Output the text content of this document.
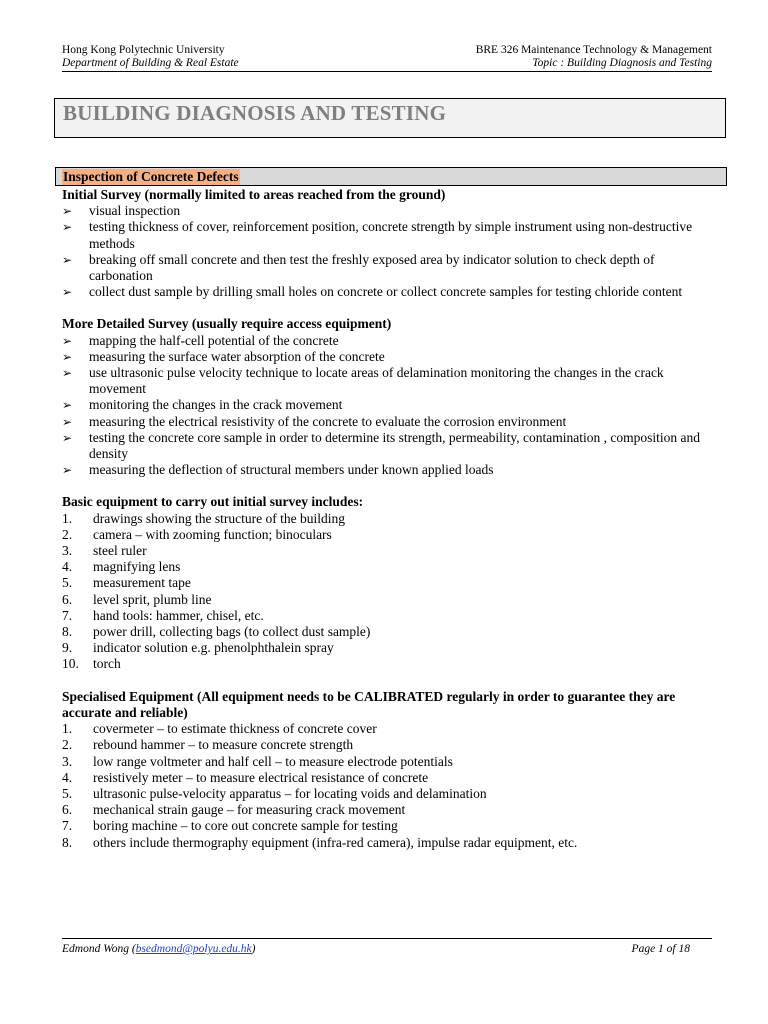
Hong Kong Polytechnic University	BRE 326 Maintenance Technology & Management
Department of Building & Real Estate	Topic : Building Diagnosis and Testing
BUILDING DIAGNOSIS AND TESTING
Inspection of Concrete Defects

Initial Survey (normally limited to areas reached from the ground)

➢ visual inspection
➢ testing thickness of cover, reinforcement position, concrete strength by simple instrument using non-destructive methods
➢ breaking off small concrete and then test the freshly exposed area by indicator solution to check depth of carbonation
➢ collect dust sample by drilling small holes on concrete or collect concrete samples for testing chloride content

More Detailed Survey (usually require access equipment)

➢ mapping the half-cell potential of the concrete
➢ measuring the surface water absorption of the concrete
➢ use ultrasonic pulse velocity technique to locate areas of delamination monitoring the changes in the crack movement
➢ monitoring the changes in the crack movement
➢ measuring the electrical resistivity of the concrete to evaluate the corrosion environment
➢ testing the concrete core sample in order to determine its strength, permeability, contamination , composition and density
➢ measuring the deflection of structural members under known applied loads

Basic equipment to carry out initial survey includes:

1. drawings showing the structure of the building
2. camera – with zooming function; binoculars
3. steel ruler
4. magnifying lens
5. measurement tape
6. level sprit, plumb line
7. hand tools: hammer, chisel, etc.
8. power drill, collecting bags (to collect dust sample)
9. indicator solution e.g. phenolphthalein spray
10. torch

Specialised Equipment (All equipment needs to be CALIBRATED regularly in order to guarantee they are accurate and reliable)

1. covermeter – to estimate thickness of concrete cover
2. rebound hammer – to measure concrete strength
3. low range voltmeter and half cell – to measure electrode potentials
4. resistively meter – to measure electrical resistance of concrete
5. ultrasonic pulse-velocity apparatus – for locating voids and delamination
6. mechanical strain gauge – for measuring crack movement
7. boring machine – to core out concrete sample for testing
8. others include thermography equipment (infra-red camera), impulse radar equipment, etc.
Edmond Wong (bsedmond@polyu.edu.hk)	Page 1 of 18
